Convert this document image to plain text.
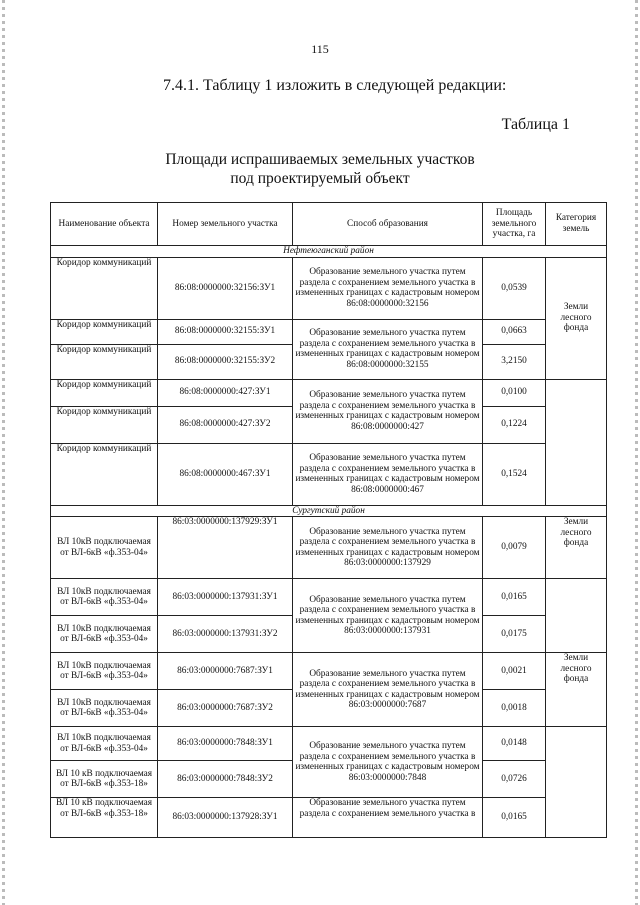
115
7.4.1. Таблицу 1 изложить в следующей редакции:
Таблица 1
Площади испрашиваемых земельных участков
под проектируемый объект
Наименование объекта	Номер земельного участка	Способ образования	Площадь земельного участка, га	Категория земель
Нефтеюганский район				
Коридор коммуникаций	86:08:0000000:32156:ЗУ1	Образование земельного участка путем раздела с сохранением земельного участка в измененных границах с кадастровым номером 86:08:0000000:32156	0,0539	Земли лесного фонда
Коридор коммуникаций	86:08:0000000:32155:ЗУ1	Образование земельного участка путем раздела с сохранением земельного участка в измененных границах с кадастровым номером 86:08:0000000:32155	0,0663	
Коридор коммуникаций	86:08:0000000:32155:ЗУ2		3,2150	
Коридор коммуникаций	86:08:0000000:427:ЗУ1	Образование земельного участка путем раздела с сохранением земельного участка в измененных границах с кадастровым номером 86:08:0000000:427	0,0100	
Коридор коммуникаций	86:08:0000000:427:ЗУ2		0,1224	
Коридор коммуникаций	86:08:0000000:467:ЗУ1	Образование земельного участка путем раздела с сохранением земельного участка в измененных границах с кадастровым номером 86:08:0000000:467	0,1524	
Сургутский район				
ВЛ 10кВ подключаемая от ВЛ-6кВ «ф.353-04»	86:03:0000000:137929:ЗУ1	Образование земельного участка путем раздела с сохранением земельного участка в измененных границах с кадастровым номером 86:03:0000000:137929	0,0079	Земли лесного фонда
ВЛ 10кВ подключаемая от ВЛ-6кВ «ф.353-04»	86:03:0000000:137931:ЗУ1	Образование земельного участка путем раздела с сохранением земельного участка в измененных границах с кадастровым номером 86:03:0000000:137931	0,0165	
ВЛ 10кВ подключаемая от ВЛ-6кВ «ф.353-04»	86:03:0000000:137931:ЗУ2		0,0175	
ВЛ 10кВ подключаемая от ВЛ-6кВ «ф.353-04»	86:03:0000000:7687:ЗУ1	Образование земельного участка путем раздела с сохранением земельного участка в измененных границах с кадастровым номером 86:03:0000000:7687	0,0021	Земли лесного фонда
ВЛ 10кВ подключаемая от ВЛ-6кВ «ф.353-04»	86:03:0000000:7687:ЗУ2		0,0018	
ВЛ 10кВ подключаемая от ВЛ-6кВ «ф.353-04»	86:03:0000000:7848:ЗУ1	Образование земельного участка путем раздела с сохранением земельного участка в измененных границах с кадастровым номером 86:03:0000000:7848	0,0148	
ВЛ 10 кВ подключаемая от ВЛ-6кВ «ф.353-18»	86:03:0000000:7848:ЗУ2		0,0726	
ВЛ 10 кВ подключаемая от ВЛ-6кВ «ф.353-18»	86:03:0000000:137928:ЗУ1	Образование земельного участка путем раздела с сохранением земельного участка в	0,0165	
